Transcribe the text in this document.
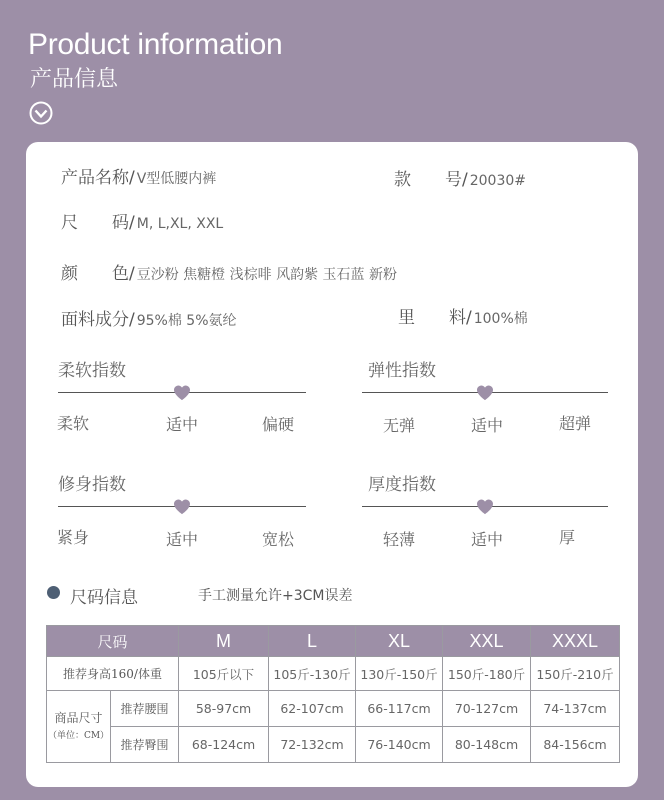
Product information
产品信息
产品名称/ V型低腰内裤	款　　号/ 20030#
尺　　码/ M, L,XL, XXL
颜　　色/ 豆沙粉 焦糖橙 浅棕啡 风韵紫 玉石蓝 新粉
面料成分/ 95%棉 5%氨纶	里　　料/ 100%棉
柔软指数
柔软	适中	偏硬
弹性指数
无弹	适中	超弹
修身指数
紧身	适中	宽松
厚度指数
轻薄	适中	厚
尺码信息	手工测量允许+3CM误差
尺码		M	L	XL	XXL	XXXL
推荐身高160/体重		105斤以下	105斤-130斤	130斤-150斤	150斤-180斤	150斤-210斤

商品尺寸
（单位：CM）	推荐腰围	58-97cm	62-107cm	66-117cm	70-127cm	74-137cm
	推荐臀围	68-124cm	72-132cm	76-140cm	80-148cm	84-156cm
